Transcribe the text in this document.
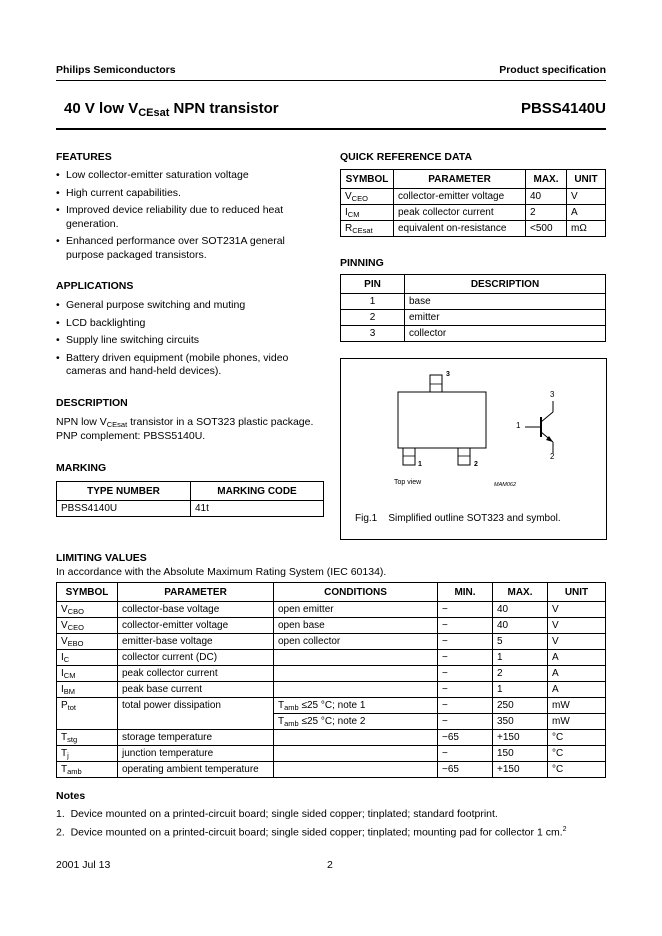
Philips Semiconductors	Product specification
40 V low $V_{CEsat}$ NPN transistor	PBSS4140U
FEATURES
• Low collector-emitter saturation voltage
• High current capabilities.
• Improved device reliability due to reduced heat generation.
• Enhanced performance over SOT231A general purpose packaged transistors.
APPLICATIONS
• General purpose switching and muting
• LCD backlighting
• Supply line switching circuits
• Battery driven equipment (mobile phones, video cameras and hand-held devices).
DESCRIPTION
NPN low $V_{CEsat}$ transistor in a SOT323 plastic package.
PNP complement: PBSS5140U.
MARKING
TYPE NUMBER	MARKING CODE
PBSS4140U	41t
QUICK REFERENCE DATA
SYMBOL	PARAMETER	MAX.	UNIT
$V_{CEO}$	collector-emitter voltage	40	V
$I_{CM}$	peak collector current	2	A
$R_{CEsat}$	equivalent on-resistance	<500	mΩ
PINNING
PIN	DESCRIPTION
1	base
2	emitter
3	collector
3
1	2
3
1
2
Top view	MAM062
Fig.1 Simplified outline SOT323 and symbol.
LIMITING VALUES
In accordance with the Absolute Maximum Rating System (IEC 60134).
SYMBOL	PARAMETER	CONDITIONS	MIN.	MAX.	UNIT
$V_{CBO}$	collector-base voltage	open emitter	−	40	V
$V_{CEO}$	collector-emitter voltage	open base	−	40	V
$V_{EBO}$	emitter-base voltage	open collector	−	5	V
$I_C$	collector current (DC)		−	1	A
$I_{CM}$	peak collector current		−	2	A
$I_{BM}$	peak base current		−	1	A
$P_{tot}$	total power dissipation	$T_{amb} \le 25$ °C; note 1	−	250	mW
		$T_{amb} \le 25$ °C; note 2	−	350	mW
$T_{stg}$	storage temperature		−65	+150	°C
$T_j$	junction temperature		−	150	°C
$T_{amb}$	operating ambient temperature		−65	+150	°C
Notes
1.  Device mounted on a printed-circuit board; single sided copper; tinplated; standard footprint.
2.  Device mounted on a printed-circuit board; single sided copper; tinplated; mounting pad for collector 1 cm.$^2$
2001 Jul 13	2
